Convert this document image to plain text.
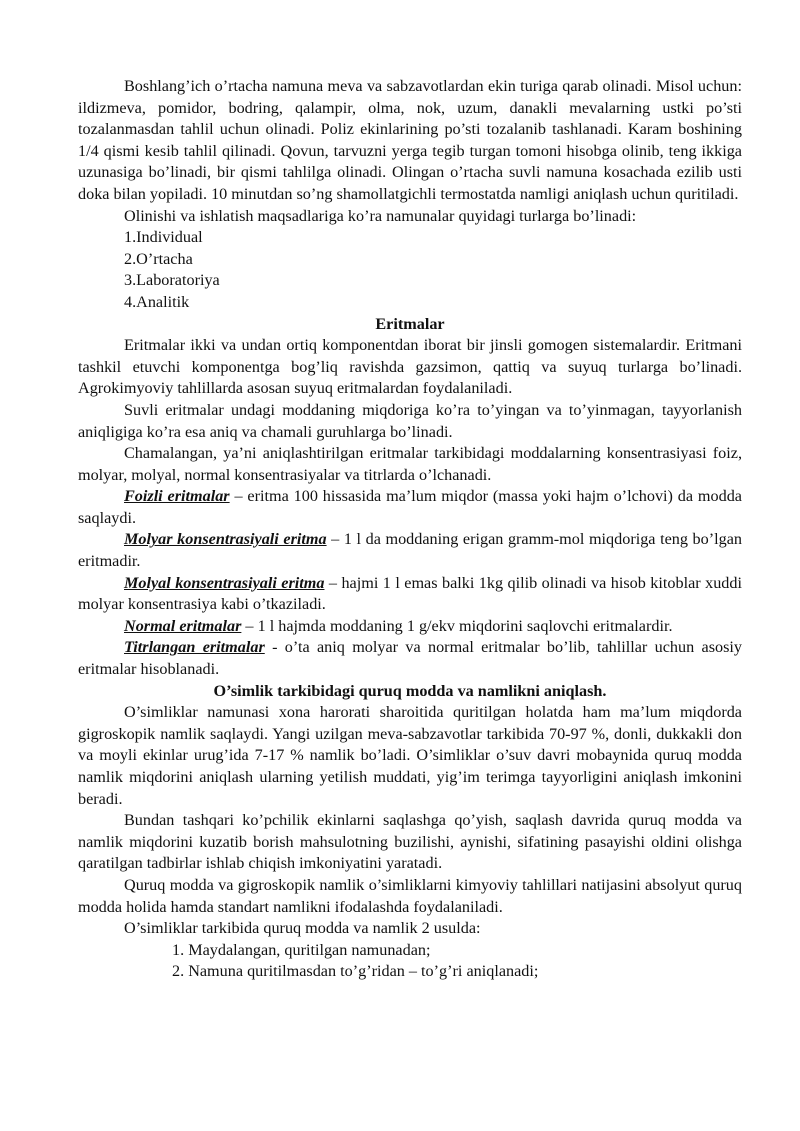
Boshlang’ich o’rtacha namuna meva va sabzavotlardan ekin turiga qarab olinadi. Misol uchun: ildizmeva, pomidor, bodring, qalampir, olma, nok, uzum, danakli mevalarning ustki po’sti tozalanmasdan tahlil uchun olinadi. Poliz ekinlarining po’sti tozalanib tashlanadi. Karam boshining 1/4 qismi kesib tahlil qilinadi. Qovun, tarvuzni yerga tegib turgan tomoni hisobga olinib, teng ikkiga uzunasiga bo’linadi, bir qismi tahlilga olinadi. Olingan o’rtacha suvli namuna kosachada ezilib usti doka bilan yopiladi. 10 minutdan so’ng shamollatgichli termostatda namligi aniqlash uchun quritiladi.

Olinishi va ishlatish maqsadlariga ko’ra namunalar quyidagi turlarga bo’linadi:

1.Individual
2.O’rtacha
3.Laboratoriya
4.Analitik
Eritmalar

Eritmalar ikki va undan ortiq komponentdan iborat bir jinsli gomogen sistemalardir. Eritmani tashkil etuvchi komponentga bog’liq ravishda gazsimon, qattiq va suyuq turlarga bo’linadi. Agrokimyoviy tahlillarda asosan suyuq eritmalardan foydalaniladi.

Suvli eritmalar undagi moddaning miqdoriga ko’ra to’yingan va to’yinmagan, tayyorlanish aniqligiga ko’ra esa aniq va chamali guruhlarga bo’linadi.

Chamalangan, ya’ni aniqlashtirilgan eritmalar tarkibidagi moddalarning konsentrasiyasi foiz, molyar, molyal, normal konsentrasiyalar va titrlarda o’lchanadi.

Foizli eritmalar – eritma 100 hissasida ma’lum miqdor (massa yoki hajm o’lchovi) da modda saqlaydi.

Molyar konsentrasiyali eritma – 1 l da moddaning erigan gramm-mol miqdoriga teng bo’lgan eritmadir.

Molyal konsentrasiyali eritma – hajmi 1 l emas balki 1kg qilib olinadi va hisob kitoblar xuddi molyar konsentrasiya kabi o’tkaziladi.

Normal eritmalar – 1 l hajmda moddaning 1 g/ekv miqdorini saqlovchi eritmalardir.

Titrlangan eritmalar - o’ta aniq molyar va normal eritmalar bo’lib, tahlillar uchun asosiy eritmalar hisoblanadi.

O’simlik tarkibidagi quruq modda va namlikni aniqlash.

O’simliklar namunasi xona harorati sharoitida quritilgan holatda ham ma’lum miqdorda gigroskopik namlik saqlaydi. Yangi uzilgan meva-sabzavotlar tarkibida 70-97 %, donli, dukkakli don va moyli ekinlar urug’ida 7-17 % namlik bo’ladi. O’simliklar o’suv davri mobaynida quruq modda namlik miqdorini aniqlash ularning yetilish muddati, yig’im terimga tayyorligini aniqlash imkonini beradi.

Bundan tashqari ko’pchilik ekinlarni saqlashga qo’yish, saqlash davrida quruq modda va namlik miqdorini kuzatib borish mahsulotning buzilishi, aynishi, sifatining pasayishi oldini olishga qaratilgan tadbirlar ishlab chiqish imkoniyatini yaratadi.

Quruq modda va gigroskopik namlik o’simliklarni kimyoviy tahlillari natijasini absolyut quruq modda holida hamda standart namlikni ifodalashda foydalaniladi.

O’simliklar tarkibida quruq modda va namlik 2 usulda:

1. Maydalangan, quritilgan namunadan;
2. Namuna quritilmasdan to’g’ridan – to’g’ri aniqlanadi;
